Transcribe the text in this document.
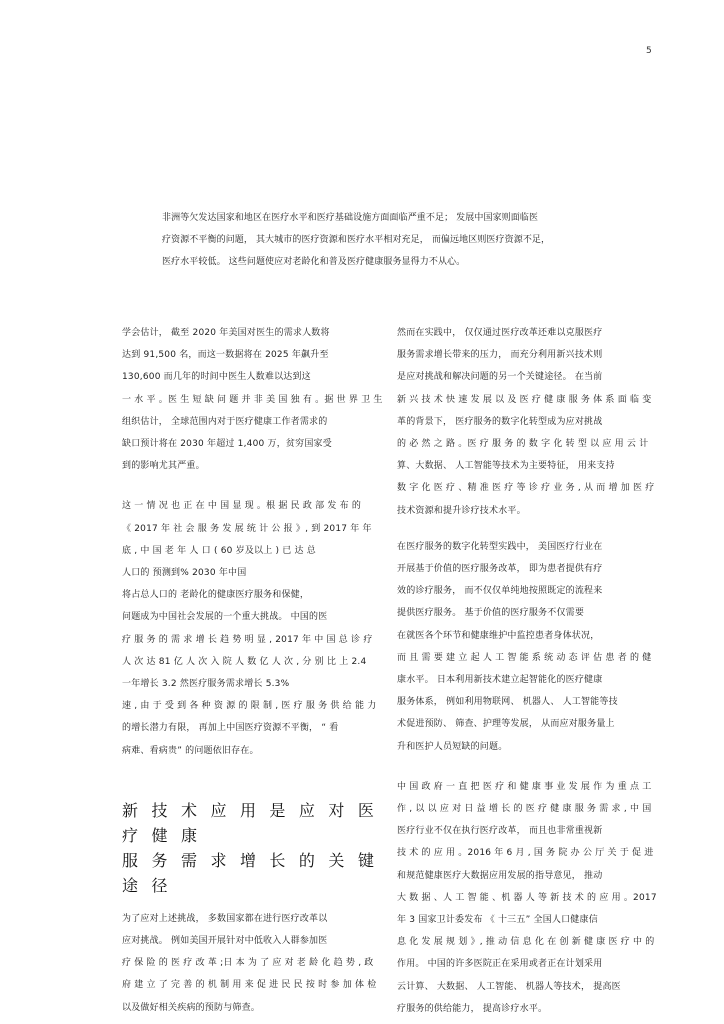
5

非洲等欠发达国家和地区在医疗水平和医疗基础设施方面面临严重不足； 发展中国家则面临医

疗资源不平衡的问题， 其大城市的医疗资源和医疗水平相对充足， 而偏远地区则医疗资源不足，

医疗水平较低。 这些问题使应对老龄化和普及医疗健康服务显得力不从心。

学会估计， 截至 2020 年美国对医生的需求人数将

达到 91,500 名，而这一数据将在 2025 年飙升至

130,600 而几年的时间中医生人数难以达到这

一 水 平 。医 生 短 缺 问 题 并 非 美 国 独 有 。据 世 界 卫 生

组织估计， 全球范围内对于医疗健康工作者需求的

缺口预计将在 2030 年超过 1,400 万，贫穷国家受

到的影响尤其严重。

这 一 情 况 也 正 在 中 国 显 现 。根 据 民 政 部 发 布 的

《 2017 年 社 会 服 务 发 展 统 计 公 报 》, 到 2017 年 年

底 , 中 国 老 年 人 口 ( 60 岁及以上 ) 已 达 总

人口的 预测到% 2030 年中国

将占总人口的 老龄化的健康医疗服务和保健，

问题成为中国社会发展的一个重大挑战。 中国的医

疗 服 务 的 需 求 增 长 趋 势 明 显 , 2017 年 中 国 总 诊 疗

人 次 达 81 亿 人 次 入 院 人 数 亿 人 次 , 分 别 比 上 2.4

一年增长 3.2 然医疗服务需求增长 5.3%

速 , 由 于 受 到 各 种 资 源 的 限 制 , 医 疗 服 务 供 给 能 力

的增长潜力有限， 再加上中国医疗资源不平衡， “ 看

病难、看病贵” 的问题依旧存在。

新 技 术 应 用 是 应 对 医 疗 健 康
服 务 需 求 增 长 的 关 键 途 径

为了应对上述挑战， 多数国家都在进行医疗改革以

应对挑战。 例如美国开展针对中低收入人群参加医

疗 保 险 的 医 疗 改 革 ;日 本 为 了 应 对 老 龄 化 趋 势 , 政

府 建 立 了 完 善 的 机 制 用 来 促 进 民 民 按 时 参 加 体 检

以及做好相关疾病的预防与筛查。

然而在实践中， 仅仅通过医疗改革还难以克服医疗

服务需求增长带来的压力， 而充分利用新兴技术则

是应对挑战和解决问题的另一个关键途径。 在当前

新 兴 技 术 快 速 发 展 以 及 医 疗 健 康 服 务 体 系 面 临 变

革的背景下， 医疗服务的数字化转型成为应对挑战

的 必 然 之 路 。医 疗 服 务 的 数 字 化 转 型 以 应 用 云 计

算、大数据、 人工智能等技术为主要特征， 用来支持

数 字 化 医 疗 、精 准 医 疗 等 诊 疗 业 务 , 从 而 增 加 医 疗

技术资源和提升诊疗技术水平。

在医疗服务的数字化转型实践中， 美国医疗行业在

开展基于价值的医疗服务改革， 即为患者提供有疗

效的诊疗服务， 而不仅仅单纯地按照既定的流程来

提供医疗服务。 基于价值的医疗服务不仅需要

在就医各个环节和健康维护中监控患者身体状况，

而 且 需 要 建 立 起 人 工 智 能 系 统 动 态 评 估 患 者 的 健

康水平。 日本利用新技术建立起智能化的医疗健康

服务体系， 例如利用物联网、 机器人、 人工智能等技

术促进预防、 筛查、护理等发展， 从而应对服务量上

升和医护人员短缺的问题。

中 国 政 府 一 直 把 医 疗 和 健 康 事 业 发 展 作 为 重 点 工

作 , 以 以 应 对 日 益 增 长 的 医 疗 健 康 服 务 需 求 , 中 国

医疗行业不仅在执行医疗改革， 而且也非常重视新

技 术 的 应 用 。2016 年 6 月 , 国 务 院 办 公 厅 关 于 促 进

和规范健康医疗大数据应用发展的指导意见， 推动

大 数 据 、人 工 智 能 、机 器 人 等 新 技 术 的 应 用 。2017

年 3 国家卫计委发布 《 十三五” 全国人口健康信

息 化 发 展 规 划 》, 推 动 信 息 化 在 创 新 健 康 医 疗 中 的

作用。 中国的许多医院正在采用或者正在计划采用

云计算、 大数据、 人工智能、 机器人等技术， 提高医

疗服务的供给能力， 提高诊疗水平。
